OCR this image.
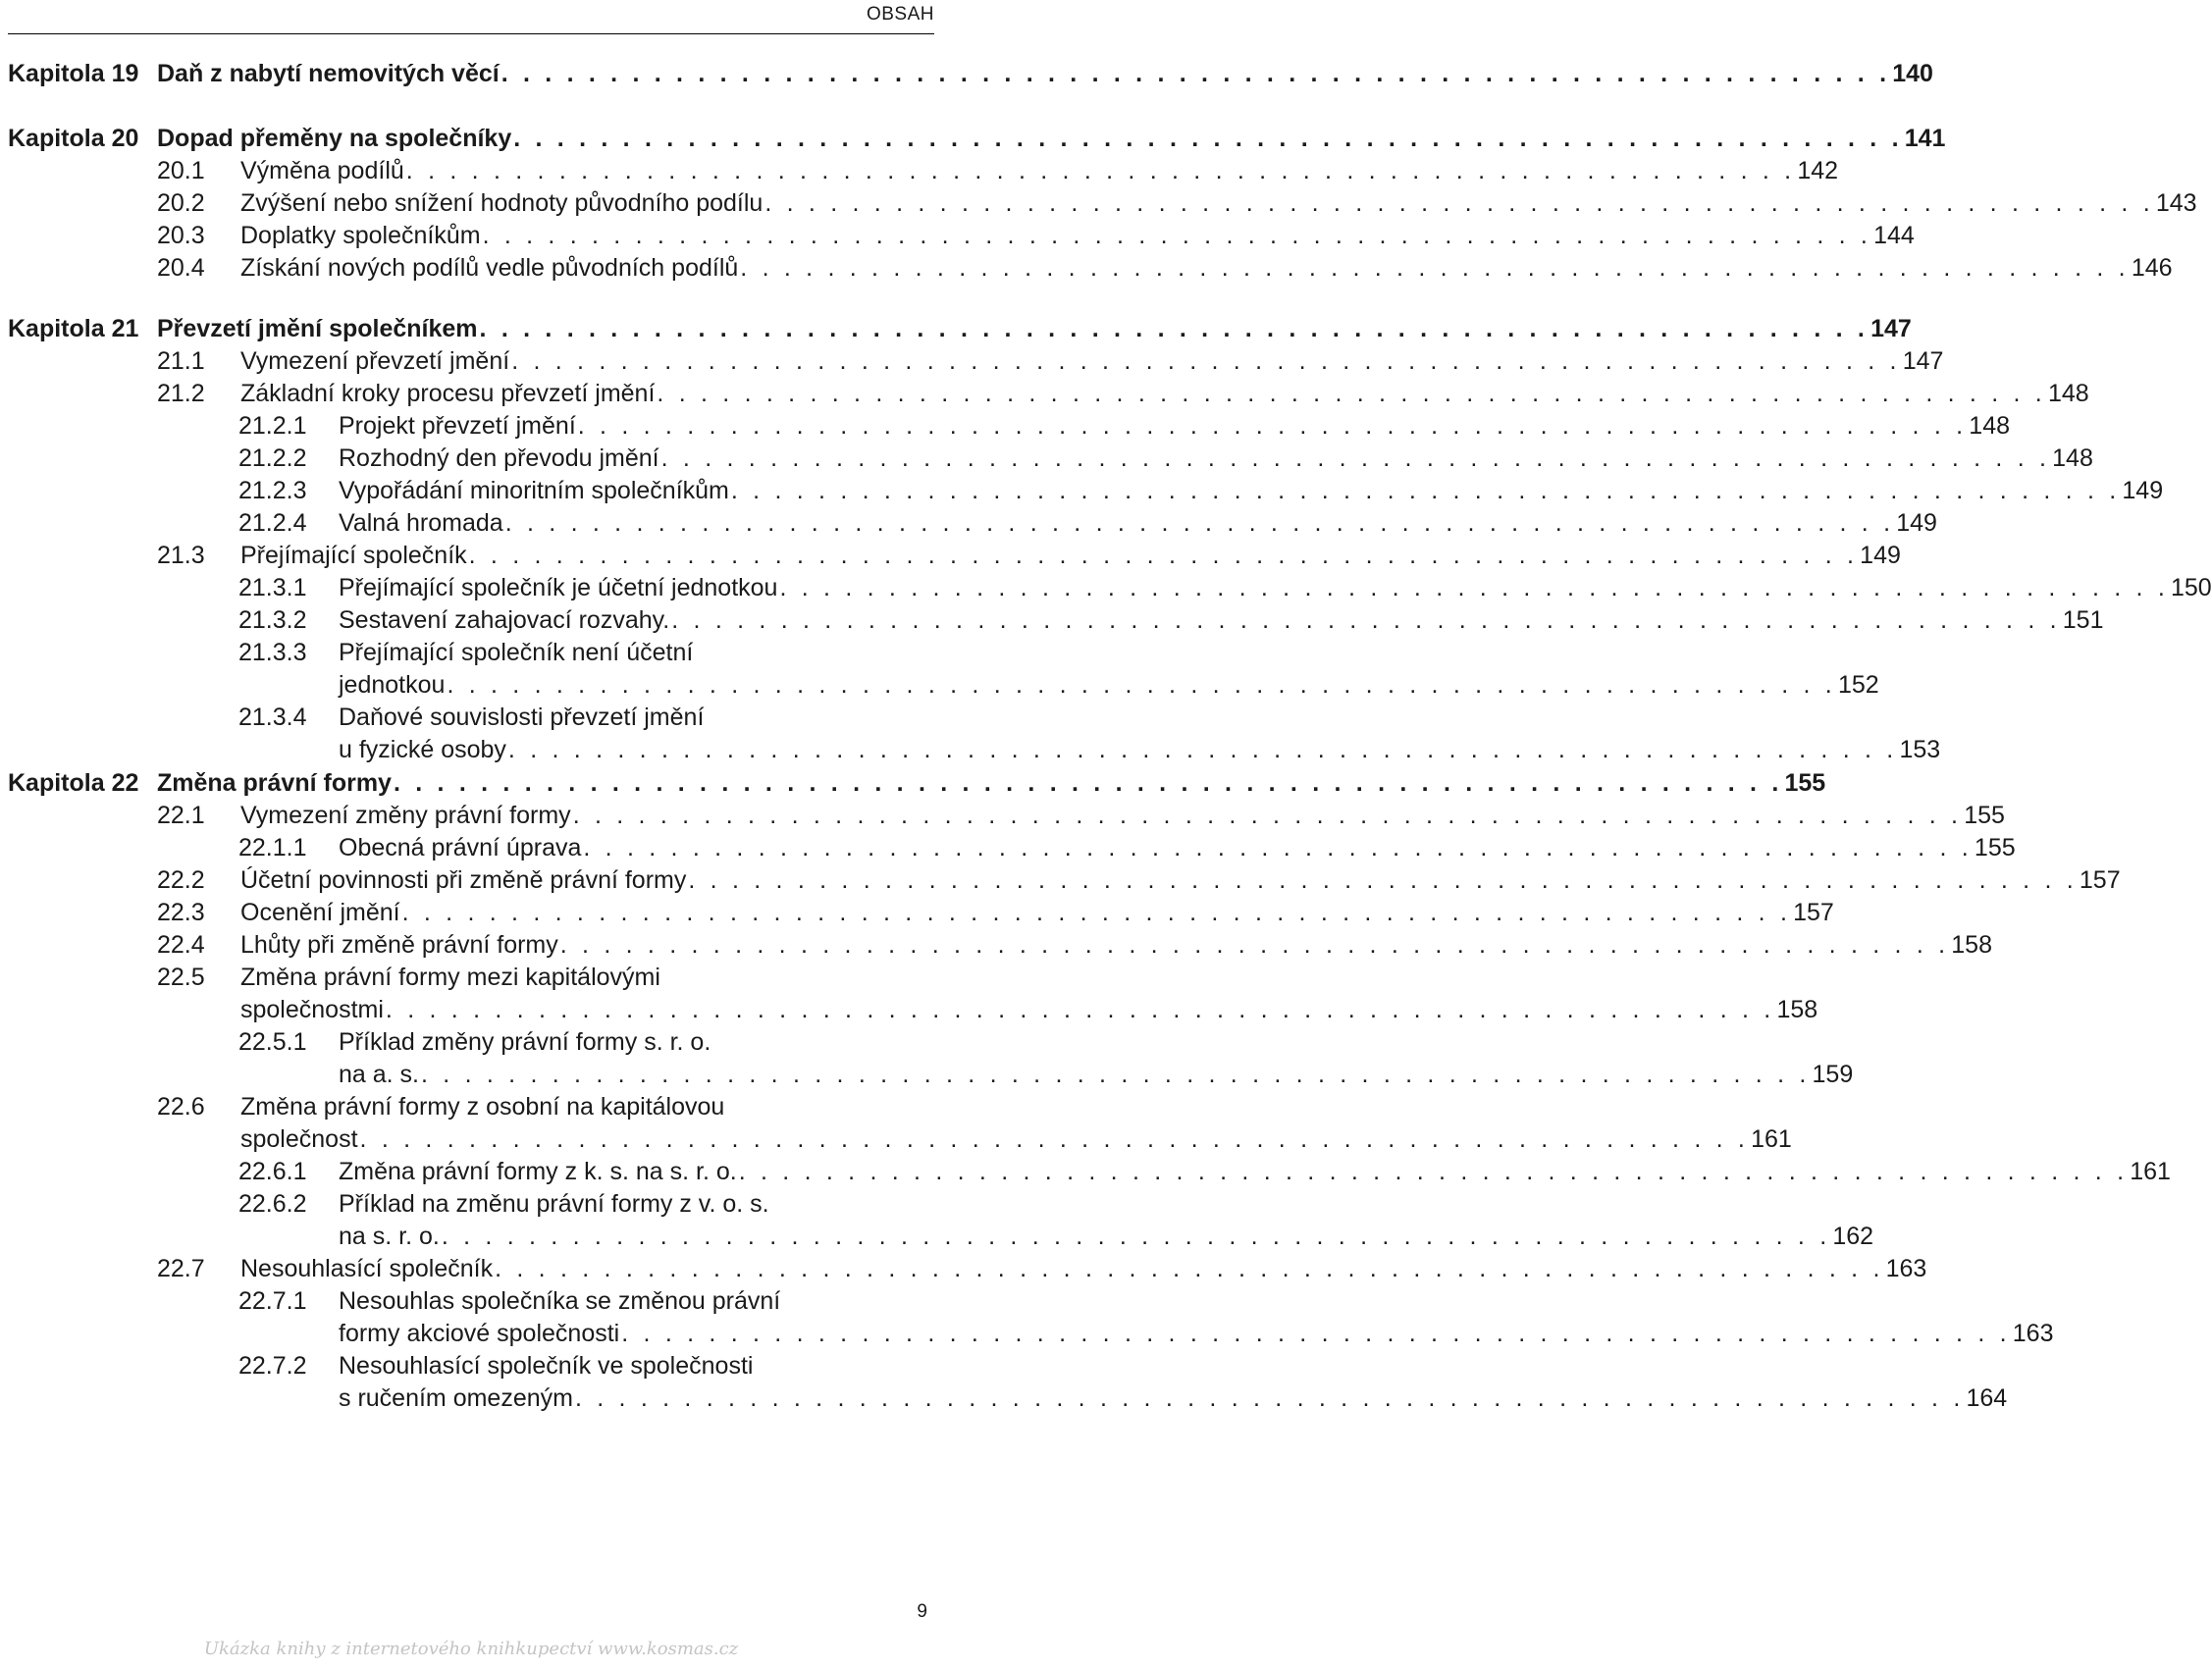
OBSAH
Kapitola 19 Daň z nabytí nemovitých věcí . . . . . . . . . . . . . . . . . . . . . . . . . . . . . . . . . . . . . . . . . . . . . . . . . . . . . . . . . . . . . . . . 140
Kapitola 20 Dopad přeměny na společníky . . . . . . . . . . . . . . . . . . . . . . . . . . . . . . . . . . . . . . . . . . . . . . . . . . . . . . . . . . . . . . . . 141
20.1 Výměna podílů . . . . . . . . . . . . . . . . . . . . . . . . . . . . . . . . . . . . . . . . . . . . . . . . . . . . . . . . . . . . . . . . 142
20.2 Zvýšení nebo snížení hodnoty původního podílu . . . . . . . . . . . . . . . . . . . . . . . . . . . . . . . . . . . . . . . . . . . . . . . . . . . . . . . . . . . . . . . . 143
20.3 Doplatky společníkům . . . . . . . . . . . . . . . . . . . . . . . . . . . . . . . . . . . . . . . . . . . . . . . . . . . . . . . . . . . . . . . . 144
20.4 Získání nových podílů vedle původních podílů . . . . . . . . . . . . . . . . . . . . . . . . . . . . . . . . . . . . . . . . . . . . . . . . . . . . . . . . . . . . . . . . 146
Kapitola 21 Převzetí jmění společníkem . . . . . . . . . . . . . . . . . . . . . . . . . . . . . . . . . . . . . . . . . . . . . . . . . . . . . . . . . . . . . . . . 147
21.1 Vymezení převzetí jmění . . . . . . . . . . . . . . . . . . . . . . . . . . . . . . . . . . . . . . . . . . . . . . . . . . . . . . . . . . . . . . . . 147
21.2 Základní kroky procesu převzetí jmění . . . . . . . . . . . . . . . . . . . . . . . . . . . . . . . . . . . . . . . . . . . . . . . . . . . . . . . . . . . . . . . . 148
21.2.1 Projekt převzetí jmění . . . . . . . . . . . . . . . . . . . . . . . . . . . . . . . . . . . . . . . . . . . . . . . . . . . . . . . . . . . . . . . . 148
21.2.2 Rozhodný den převodu jmění . . . . . . . . . . . . . . . . . . . . . . . . . . . . . . . . . . . . . . . . . . . . . . . . . . . . . . . . . . . . . . . . 148
21.2.3 Vypořádání minoritním společníkům . . . . . . . . . . . . . . . . . . . . . . . . . . . . . . . . . . . . . . . . . . . . . . . . . . . . . . . . . . . . . . . . 149
21.2.4 Valná hromada . . . . . . . . . . . . . . . . . . . . . . . . . . . . . . . . . . . . . . . . . . . . . . . . . . . . . . . . . . . . . . . . 149
21.3 Přejímající společník . . . . . . . . . . . . . . . . . . . . . . . . . . . . . . . . . . . . . . . . . . . . . . . . . . . . . . . . . . . . . . . . 149
21.3.1 Přejímající společník je účetní jednotkou . . . . . . . . . . . . . . . . . . . . . . . . . . . . . . . . . . . . . . . . . . . . . . . . . . . . . . . . . . . . . . . . 150
21.3.2 Sestavení zahajovací rozvahy. . . . . . . . . . . . . . . . . . . . . . . . . . . . . . . . . . . . . . . . . . . . . . . . . . . . . . . . . . . . . . . . . 151
21.3.3 Přejímající společník není účetní
jednotkou . . . . . . . . . . . . . . . . . . . . . . . . . . . . . . . . . . . . . . . . . . . . . . . . . . . . . . . . . . . . . . . . 152
21.3.4 Daňové souvislosti převzetí jmění
u fyzické osoby . . . . . . . . . . . . . . . . . . . . . . . . . . . . . . . . . . . . . . . . . . . . . . . . . . . . . . . . . . . . . . . . 153
Kapitola 22 Změna právní formy . . . . . . . . . . . . . . . . . . . . . . . . . . . . . . . . . . . . . . . . . . . . . . . . . . . . . . . . . . . . . . . . 155
22.1 Vymezení změny právní formy . . . . . . . . . . . . . . . . . . . . . . . . . . . . . . . . . . . . . . . . . . . . . . . . . . . . . . . . . . . . . . . . 155
22.1.1 Obecná právní úprava . . . . . . . . . . . . . . . . . . . . . . . . . . . . . . . . . . . . . . . . . . . . . . . . . . . . . . . . . . . . . . . . 155
22.2 Účetní povinnosti při změně právní formy . . . . . . . . . . . . . . . . . . . . . . . . . . . . . . . . . . . . . . . . . . . . . . . . . . . . . . . . . . . . . . . . 157
22.3 Ocenění jmění . . . . . . . . . . . . . . . . . . . . . . . . . . . . . . . . . . . . . . . . . . . . . . . . . . . . . . . . . . . . . . . . 157
22.4 Lhůty při změně právní formy . . . . . . . . . . . . . . . . . . . . . . . . . . . . . . . . . . . . . . . . . . . . . . . . . . . . . . . . . . . . . . . . 158
22.5 Změna právní formy mezi kapitálovými
společnostmi . . . . . . . . . . . . . . . . . . . . . . . . . . . . . . . . . . . . . . . . . . . . . . . . . . . . . . . . . . . . . . . . 158
22.5.1 Příklad změny právní formy s. r. o.
na a. s. . . . . . . . . . . . . . . . . . . . . . . . . . . . . . . . . . . . . . . . . . . . . . . . . . . . . . . . . . . . . . . . . 159
22.6 Změna právní formy z osobní na kapitálovou
společnost . . . . . . . . . . . . . . . . . . . . . . . . . . . . . . . . . . . . . . . . . . . . . . . . . . . . . . . . . . . . . . . . 161
22.6.1 Změna právní formy z k. s. na s. r. o. . . . . . . . . . . . . . . . . . . . . . . . . . . . . . . . . . . . . . . . . . . . . . . . . . . . . . . . . . . . . . . . . 161
22.6.2 Příklad na změnu právní formy z v. o. s.
na s. r. o. . . . . . . . . . . . . . . . . . . . . . . . . . . . . . . . . . . . . . . . . . . . . . . . . . . . . . . . . . . . . . . . . 162
22.7 Nesouhlasící společník . . . . . . . . . . . . . . . . . . . . . . . . . . . . . . . . . . . . . . . . . . . . . . . . . . . . . . . . . . . . . . . . 163
22.7.1 Nesouhlas společníka se změnou právní
formy akciové společnosti . . . . . . . . . . . . . . . . . . . . . . . . . . . . . . . . . . . . . . . . . . . . . . . . . . . . . . . . . . . . . . . . 163
22.7.2 Nesouhlasící společník ve společnosti
s ručením omezeným . . . . . . . . . . . . . . . . . . . . . . . . . . . . . . . . . . . . . . . . . . . . . . . . . . . . . . . . . . . . . . . . 164
9
Ukázka knihy z internetového knihkupectví www.kosmas.cz
